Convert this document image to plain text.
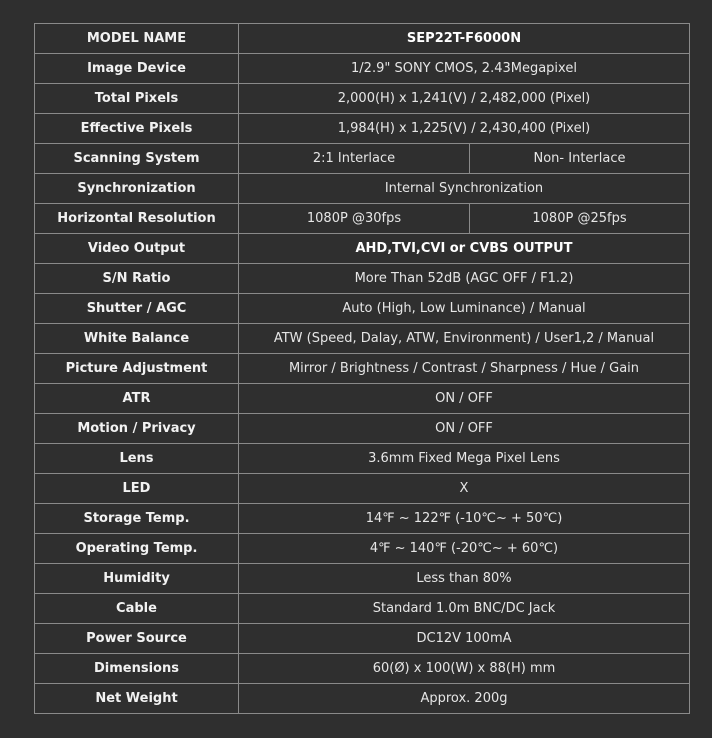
MODEL NAME	SEP22T-F6000N	
Image Device	1/2.9" SONY CMOS, 2.43Megapixel	
Total Pixels	2,000(H) x 1,241(V) / 2,482,000 (Pixel)	
Effective Pixels	1,984(H) x 1,225(V) / 2,430,400 (Pixel)	
Scanning System	2:1 Interlace	Non- Interlace
Synchronization	Internal Synchronization	
Horizontal Resolution	1080P @30fps	1080P @25fps
Video Output	AHD,TVI,CVI or CVBS OUTPUT	
S/N Ratio	More Than 52dB (AGC OFF / F1.2)	
Shutter / AGC	Auto (High, Low Luminance) / Manual	
White Balance	ATW (Speed, Dalay, ATW, Environment) / User1,2 / Manual	
Picture Adjustment	Mirror / Brightness / Contrast / Sharpness / Hue / Gain	
ATR	ON / OFF	
Motion / Privacy	ON / OFF	
Lens	3.6mm Fixed Mega Pixel Lens	
LED	X	
Storage Temp.	14℉ ~ 122℉ (-10℃~ + 50℃)	
Operating Temp.	4℉ ~ 140℉ (-20℃~ + 60℃)	
Humidity	Less than 80%	
Cable	Standard 1.0m BNC/DC Jack	
Power Source	DC12V 100mA	
Dimensions	60(Ø) x 100(W) x 88(H) mm	
Net Weight	Approx. 200g	
